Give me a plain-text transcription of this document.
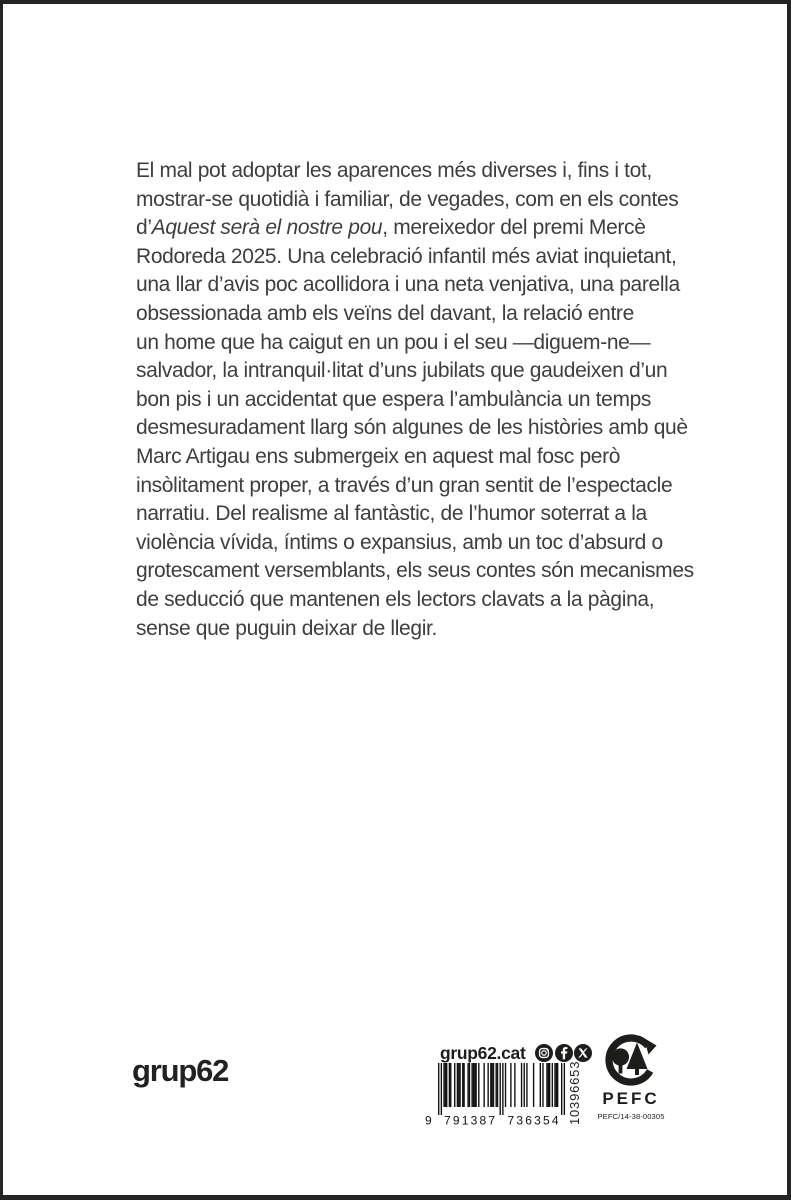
El mal pot adoptar les aparences més diverses i, fins i tot,
mostrar-se quotidià i familiar, de vegades, com en els contes
d’Aquest serà el nostre pou, mereixedor del premi Mercè
Rodoreda 2025. Una celebració infantil més aviat inquietant,
una llar d’avis poc acollidora i una neta venjativa, una parella
obsessionada amb els veïns del davant, la relació entre
un home que ha caigut en un pou i el seu —diguem-ne—
salvador, la intranquil·litat d’uns jubilats que gaudeixen d’un
bon pis i un accidentat que espera l’ambulància un temps
desmesuradament llarg són algunes de les històries amb què
Marc Artigau ens submergeix en aquest mal fosc però
insòlitament proper, a través d’un gran sentit de l’espectacle
narratiu. Del realisme al fantàstic, de l’humor soterrat a la
violència vívida, íntims o expansius, amb un toc d’absurd o
grotescament versemblants, els seus contes són mecanismes
de seducció que mantenen els lectors clavats a la pàgina,
sense que puguin deixar de llegir.
grup62
grup62.cat
9 791387 736354 10396653 PEFC
PEFC/14-38-00305
